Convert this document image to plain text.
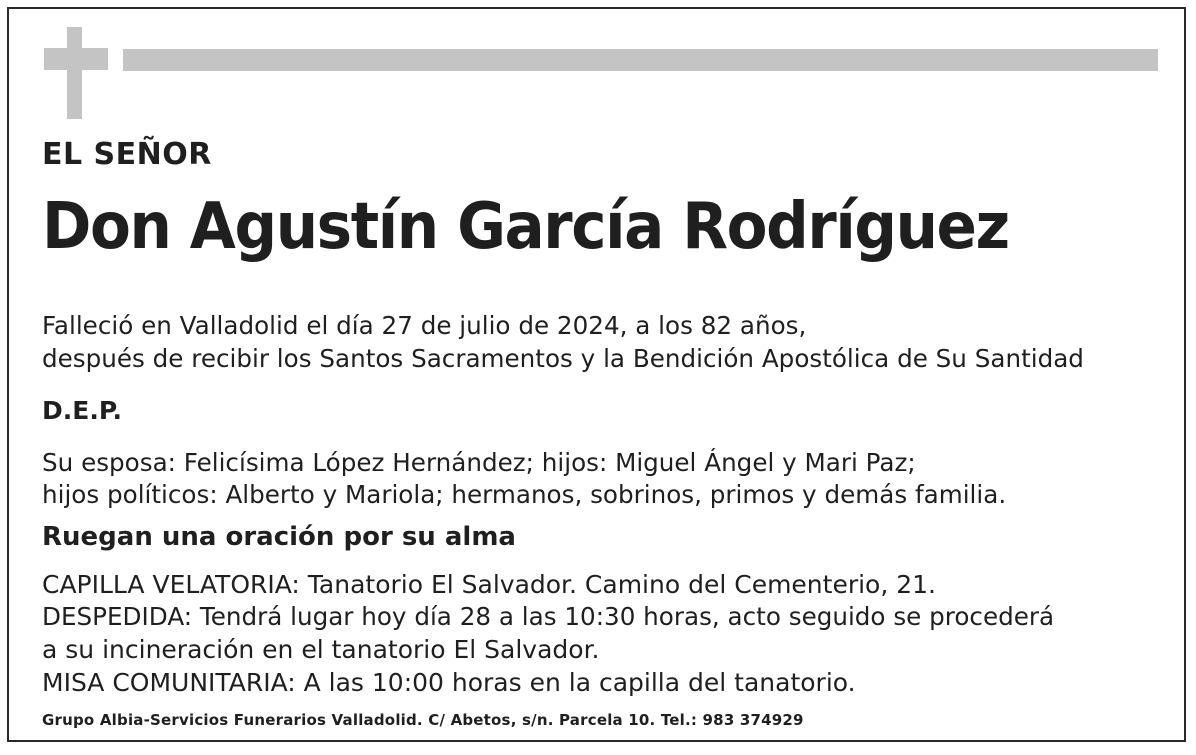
EL SEÑOR

Don Agustín García Rodríguez

Falleció en Valladolid el día 27 de julio de 2024, a los 82 años,

después de recibir los Santos Sacramentos y la Bendición Apostólica de Su Santidad

D.E.P.

Su esposa: Felicísima López Hernández; hijos: Miguel Ángel y Mari Paz;

hijos políticos: Alberto y Mariola; hermanos, sobrinos, primos y demás familia.

Ruegan una oración por su alma

CAPILLA VELATORIA: Tanatorio El Salvador. Camino del Cementerio, 21.

DESPEDIDA: Tendrá lugar hoy día 28 a las 10:30 horas, acto seguido se procederá

a su incineración en el tanatorio El Salvador.

MISA COMUNITARIA: A las 10:00 horas en la capilla del tanatorio.

Grupo Albia-Servicios Funerarios Valladolid. C/ Abetos, s/n. Parcela 10. Tel.: 983 374929
